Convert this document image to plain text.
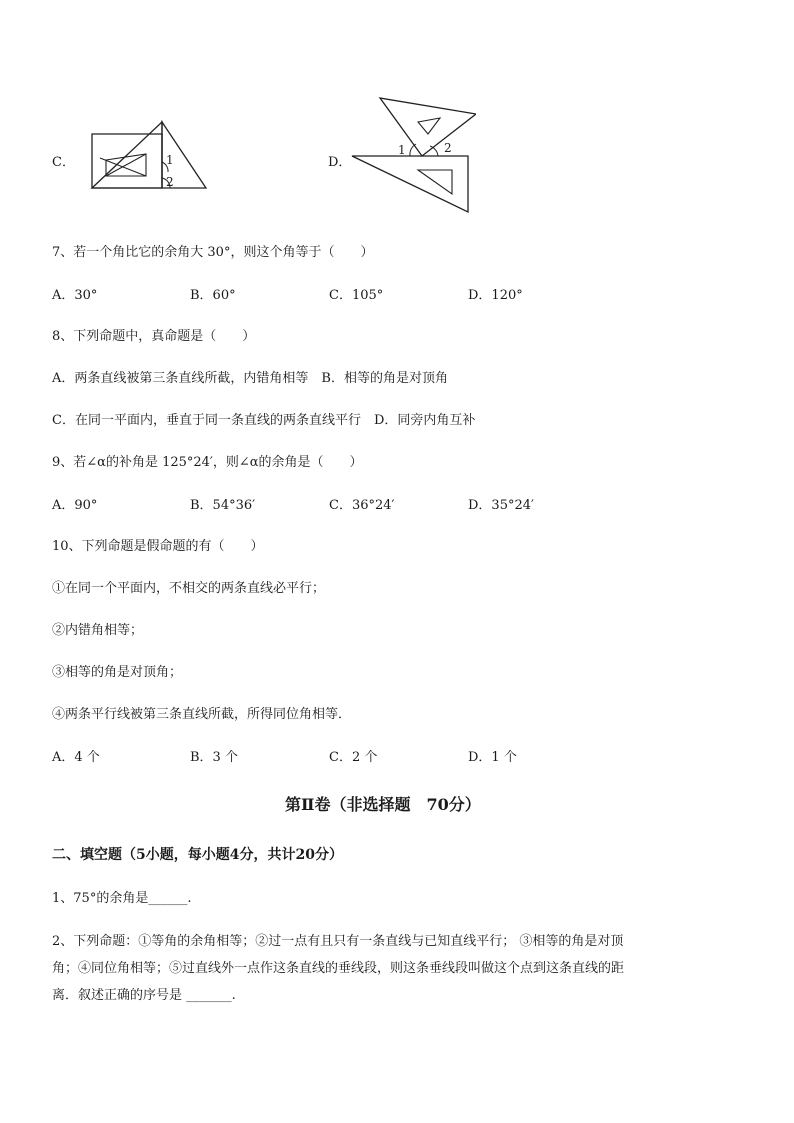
C．	1
2
D．
1	2
7、若一个角比它的余角大 30°，则这个角等于（　　）
A．30°	B．60°	C．105°	D．120°
8、下列命题中，真命题是（　　）
A．两条直线被第三条直线所截，内错角相等　B．相等的角是对顶角
C．在同一平面内，垂直于同一条直线的两条直线平行　D．同旁内角互补
9、若∠α的补角是 125°24′，则∠α的余角是（　　）
A．90°	B．54°36′	C．36°24′	D．35°24′
10、下列命题是假命题的有（　　）
①在同一个平面内，不相交的两条直线必平行；
②内错角相等；
③相等的角是对顶角；
④两条平行线被第三条直线所截，所得同位角相等．
A．4 个	B．3 个	C．2 个	D．1 个
第Ⅱ卷（非选择题　70分）
二、填空题（5小题，每小题4分，共计20分）
1、75°的余角是______.
2、下列命题：①等角的余角相等；②过一点有且只有一条直线与已知直线平行； ③相等的角是对顶
角；④同位角相等；⑤过直线外一点作这条直线的垂线段，则这条垂线段叫做这个点到这条直线的距
离．叙述正确的序号是 _______.
